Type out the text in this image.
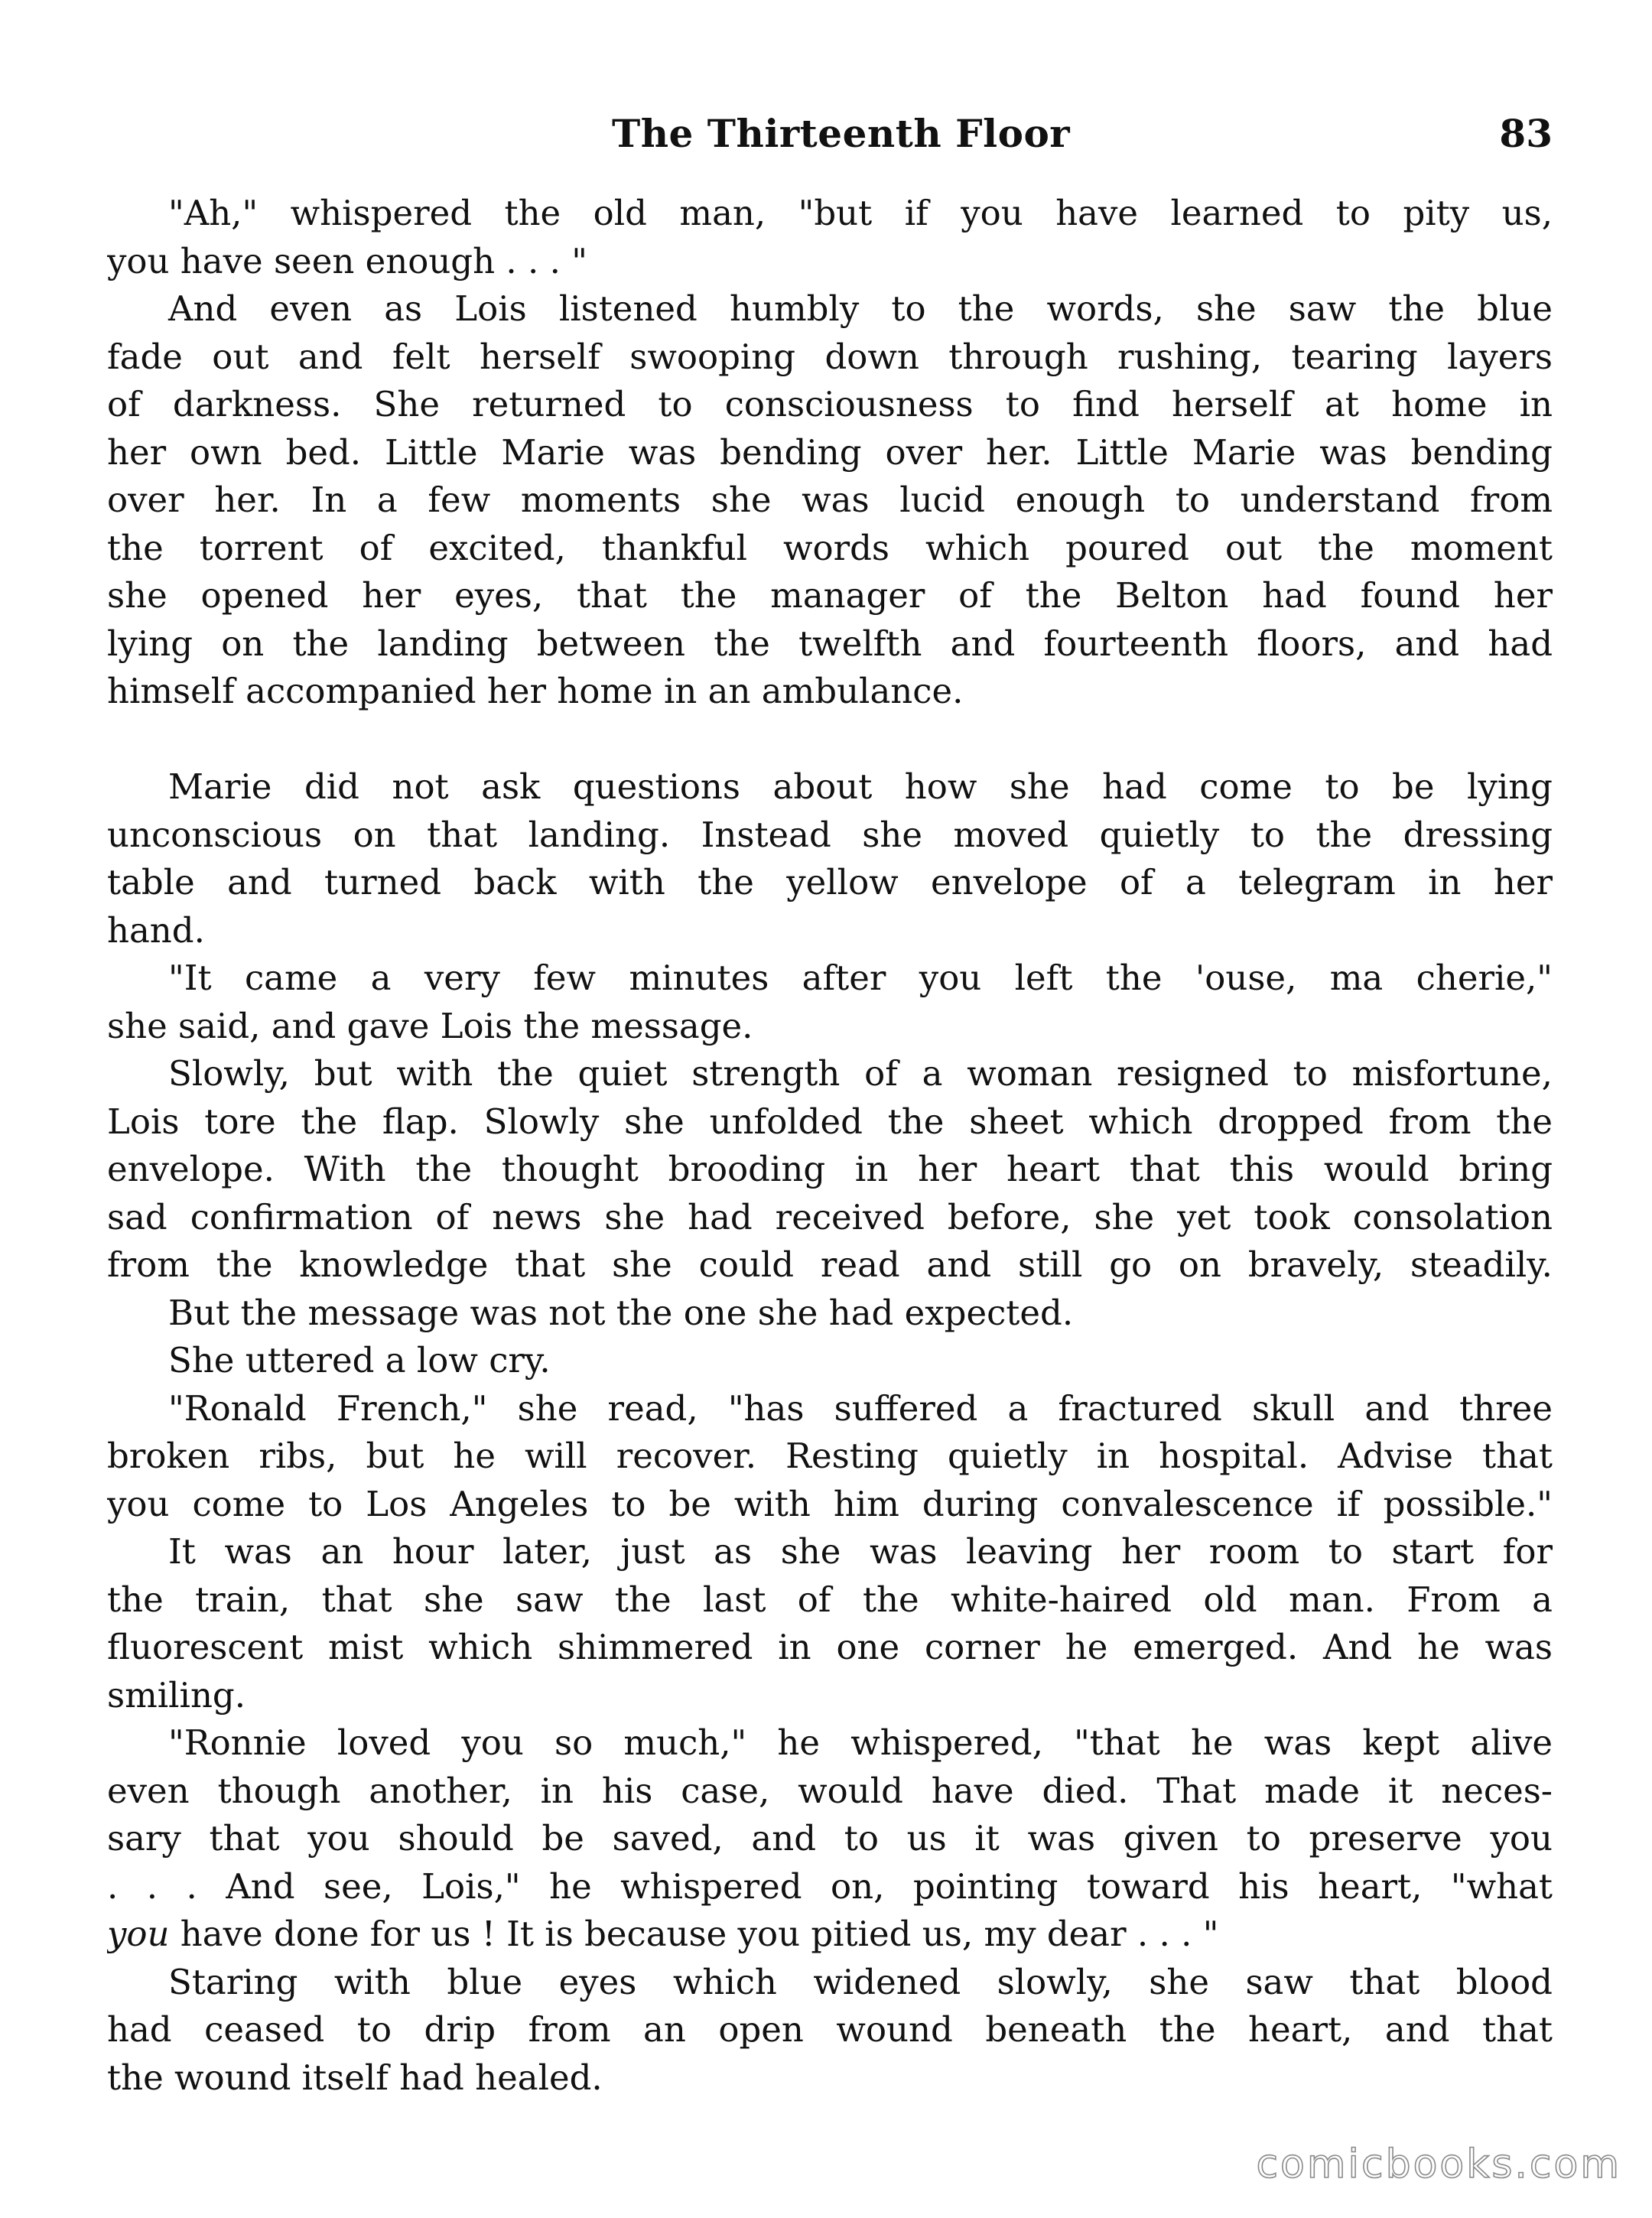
The Thirteenth Floor	83
"Ah," whispered the old man, "but if you have learned to pity us,
you have seen enough . . . "
And even as Lois listened humbly to the words, she saw the blue
fade out and felt herself swooping down through rushing, tearing layers
of darkness. She returned to consciousness to find herself at home in
her own bed. Little Marie was bending over her. Little Marie was bending
over her. In a few moments she was lucid enough to understand from
the torrent of excited, thankful words which poured out the moment
she opened her eyes, that the manager of the Belton had found her
lying on the landing between the twelfth and fourteenth floors, and had
himself accompanied her home in an ambulance.
Marie did not ask questions about how she had come to be lying
unconscious on that landing. Instead she moved quietly to the dressing
table and turned back with the yellow envelope of a telegram in her
hand.
"It came a very few minutes after you left the 'ouse, ma cherie,"
she said, and gave Lois the message.
Slowly, but with the quiet strength of a woman resigned to misfortune,
Lois tore the flap. Slowly she unfolded the sheet which dropped from the
envelope. With the thought brooding in her heart that this would bring
sad confirmation of news she had received before, she yet took consolation
from the knowledge that she could read and still go on bravely, steadily.
But the message was not the one she had expected.
She uttered a low cry.
"Ronald French," she read, "has suffered a fractured skull and three
broken ribs, but he will recover. Resting quietly in hospital. Advise that
you come to Los Angeles to be with him during convalescence if possible."
It was an hour later, just as she was leaving her room to start for
the train, that she saw the last of the white-haired old man. From a
fluorescent mist which shimmered in one corner he emerged. And he was
smiling.
"Ronnie loved you so much," he whispered, "that he was kept alive
even though another, in his case, would have died. That made it neces-
sary that you should be saved, and to us it was given to preserve you
. . . And see, Lois," he whispered on, pointing toward his heart, "what
you have done for us ! It is because you pitied us, my dear . . . "
Staring with blue eyes which widened slowly, she saw that blood
had ceased to drip from an open wound beneath the heart, and that
the wound itself had healed.
comicbooks.com
